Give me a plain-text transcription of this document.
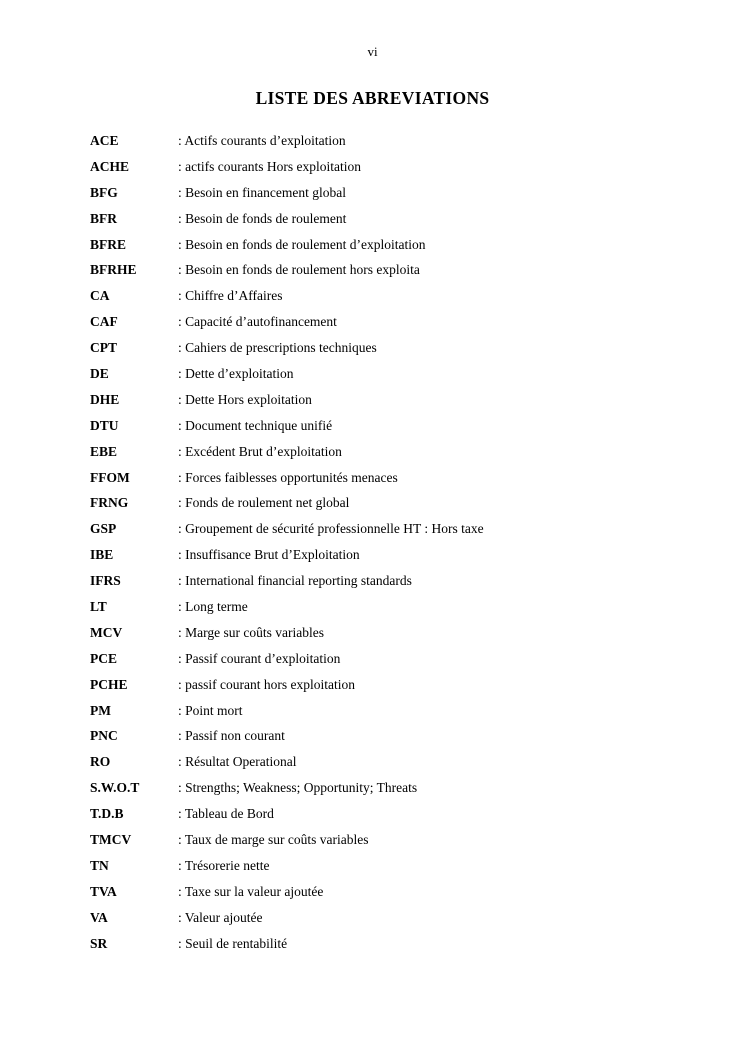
vi
LISTE DES ABREVIATIONS
ACE	: Actifs courants d’exploitation
ACHE	: actifs courants Hors exploitation
BFG	: Besoin en financement global
BFR	: Besoin de fonds de roulement
BFRE	: Besoin en fonds de roulement d’exploitation
BFRHE	: Besoin en fonds de roulement hors exploita
CA	: Chiffre d’Affaires
CAF	: Capacité d’autofinancement
CPT	: Cahiers de prescriptions techniques
DE	: Dette d’exploitation
DHE	: Dette Hors exploitation
DTU	: Document technique unifié
EBE	: Excédent Brut d’exploitation
FFOM	: Forces faiblesses opportunités menaces
FRNG	: Fonds de roulement net global
GSP	: Groupement de sécurité professionnelle HT : Hors taxe
IBE	: Insuffisance Brut d’Exploitation
IFRS	: International financial reporting standards
LT	: Long terme
MCV	: Marge sur coûts variables
PCE	: Passif courant d’exploitation
PCHE	: passif courant hors exploitation
PM	: Point mort
PNC	: Passif non courant
RO	: Résultat Operational
S.W.O.T	: Strengths; Weakness; Opportunity; Threats
T.D.B	: Tableau de Bord
TMCV	: Taux de marge sur coûts variables
TN	: Trésorerie nette
TVA	: Taxe sur la valeur ajoutée
VA	: Valeur ajoutée
SR	: Seuil de rentabilité
